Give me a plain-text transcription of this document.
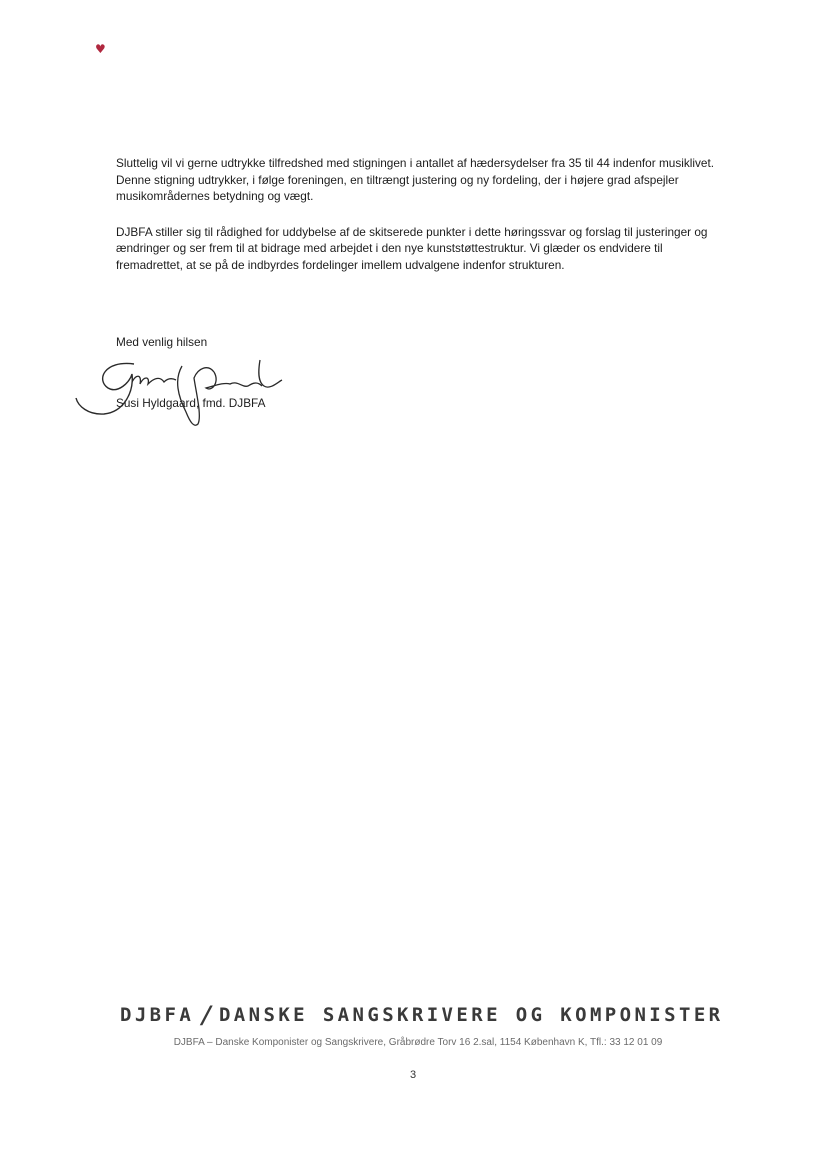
♥

Sluttelig vil vi gerne udtrykke tilfredshed med stigningen i antallet af hædersydelser fra 35 til 44 indenfor musiklivet. Denne stigning udtrykker, i følge foreningen, en tiltrængt justering og ny fordeling, der i højere grad afspejler musikområdernes betydning og vægt.

DJBFA stiller sig til rådighed for uddybelse af de skitserede punkter i dette høringssvar og forslag til justeringer og ændringer og ser frem til at bidrage med arbejdet i den nye kunststøttestruktur. Vi glæder os endvidere til fremadrettet, at se på de indbyrdes fordelinger imellem udvalgene indenfor strukturen.

Med venlig hilsen
Susi Hyldgaard, fmd. DJBFA
DJBFA / DANSKE SANGSKRIVERE OG KOMPONISTER
DJBFA – Danske Komponister og Sangskrivere, Gråbrødre Torv 16 2.sal, 1154 København K, Tfl.: 33 12 01 09
3
